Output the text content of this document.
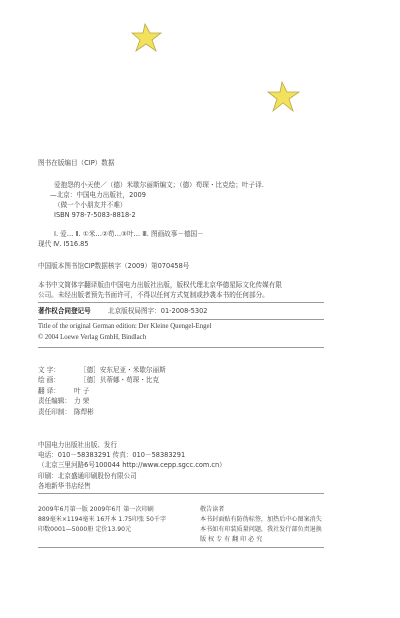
图书在版编目（CIP）数据
爱抱怨的小天使／（德）米歇尔丽斯编文；（德）苟琛・比克绘；叶子译.
—北京：中国电力出版社，2009
（做一个小朋友并不难）
ISBN 978-7-5083-8818-2
Ⅰ. 爱… Ⅱ. ①米…②苟…③叶… Ⅲ. 图画故事－德国－
现代 Ⅳ. I516.85
中国版本图书馆CIP数据核字（2009）第070458号
本书中文简体字翻译版由中国电力出版社出版，版权代理北京华德星际文化传媒有限
公司。未经出版者预先书面许可，不得以任何方式复制或抄袭本书的任何部分。
著作权合同登记号	北京版权局图字：01-2008-5302
Title of the original German edition: Der Kleine Quengel-Engel
© 2004 Loewe Verlag GmbH, Bindlach
文 字：	［德］安东尼亚・米歇尔丽斯
绘 画：	［德］贝蒂娜・苟琛・比克
翻 译： 叶 子
责任编辑： 力 荣
责任印制： 陈焊彬
中国电力出版社出版、发行
电话：010－58383291 传真：010－58383291
（北京三里河路6号100044 http://www.cepp.sgcc.com.cn）
印刷：北京盛通印刷股份有限公司
各地新华书店经售
2009年6月第一版 2009年6月 第一次印刷
889毫米×1194毫米 16开本 1.75印张 50千字
印数0001—5000册 定价13.90元
敬告读者
本书封面贴有防伪标签，加热后中心图案消失
本书如有印装质量问题，我社发行部负责退换
版 权 专 有 翻 印 必 究
